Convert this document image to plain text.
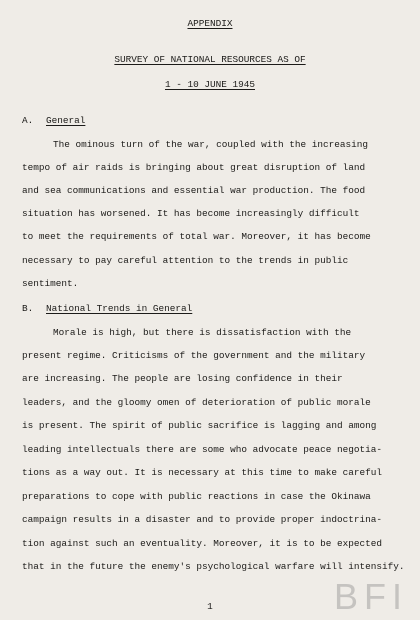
APPENDIX
SURVEY OF NATIONAL RESOURCES AS OF
1 - 10 JUNE 1945
A. General
The ominous turn of the war, coupled with the increasing
tempo of air raids is bringing about great disruption of land
and sea communications and essential war production. The food
situation has worsened. It has become increasingly difficult
to meet the requirements of total war. Moreover, it has become
necessary to pay careful attention to the trends in public
sentiment.
B. National Trends in General
Morale is high, but there is dissatisfaction with the
present regime. Criticisms of the government and the military
are increasing. The people are losing confidence in their
leaders, and the gloomy omen of deterioration of public morale
is present. The spirit of public sacrifice is lagging and among
leading intellectuals there are some who advocate peace negotia-
tions as a way out. It is necessary at this time to make careful
preparations to cope with public reactions in case the Okinawa
campaign results in a disaster and to provide proper indoctrina-
tion against such an eventuality. Moreover, it is to be expected
that in the future the enemy's psychological warfare will intensify.
1	BFI
